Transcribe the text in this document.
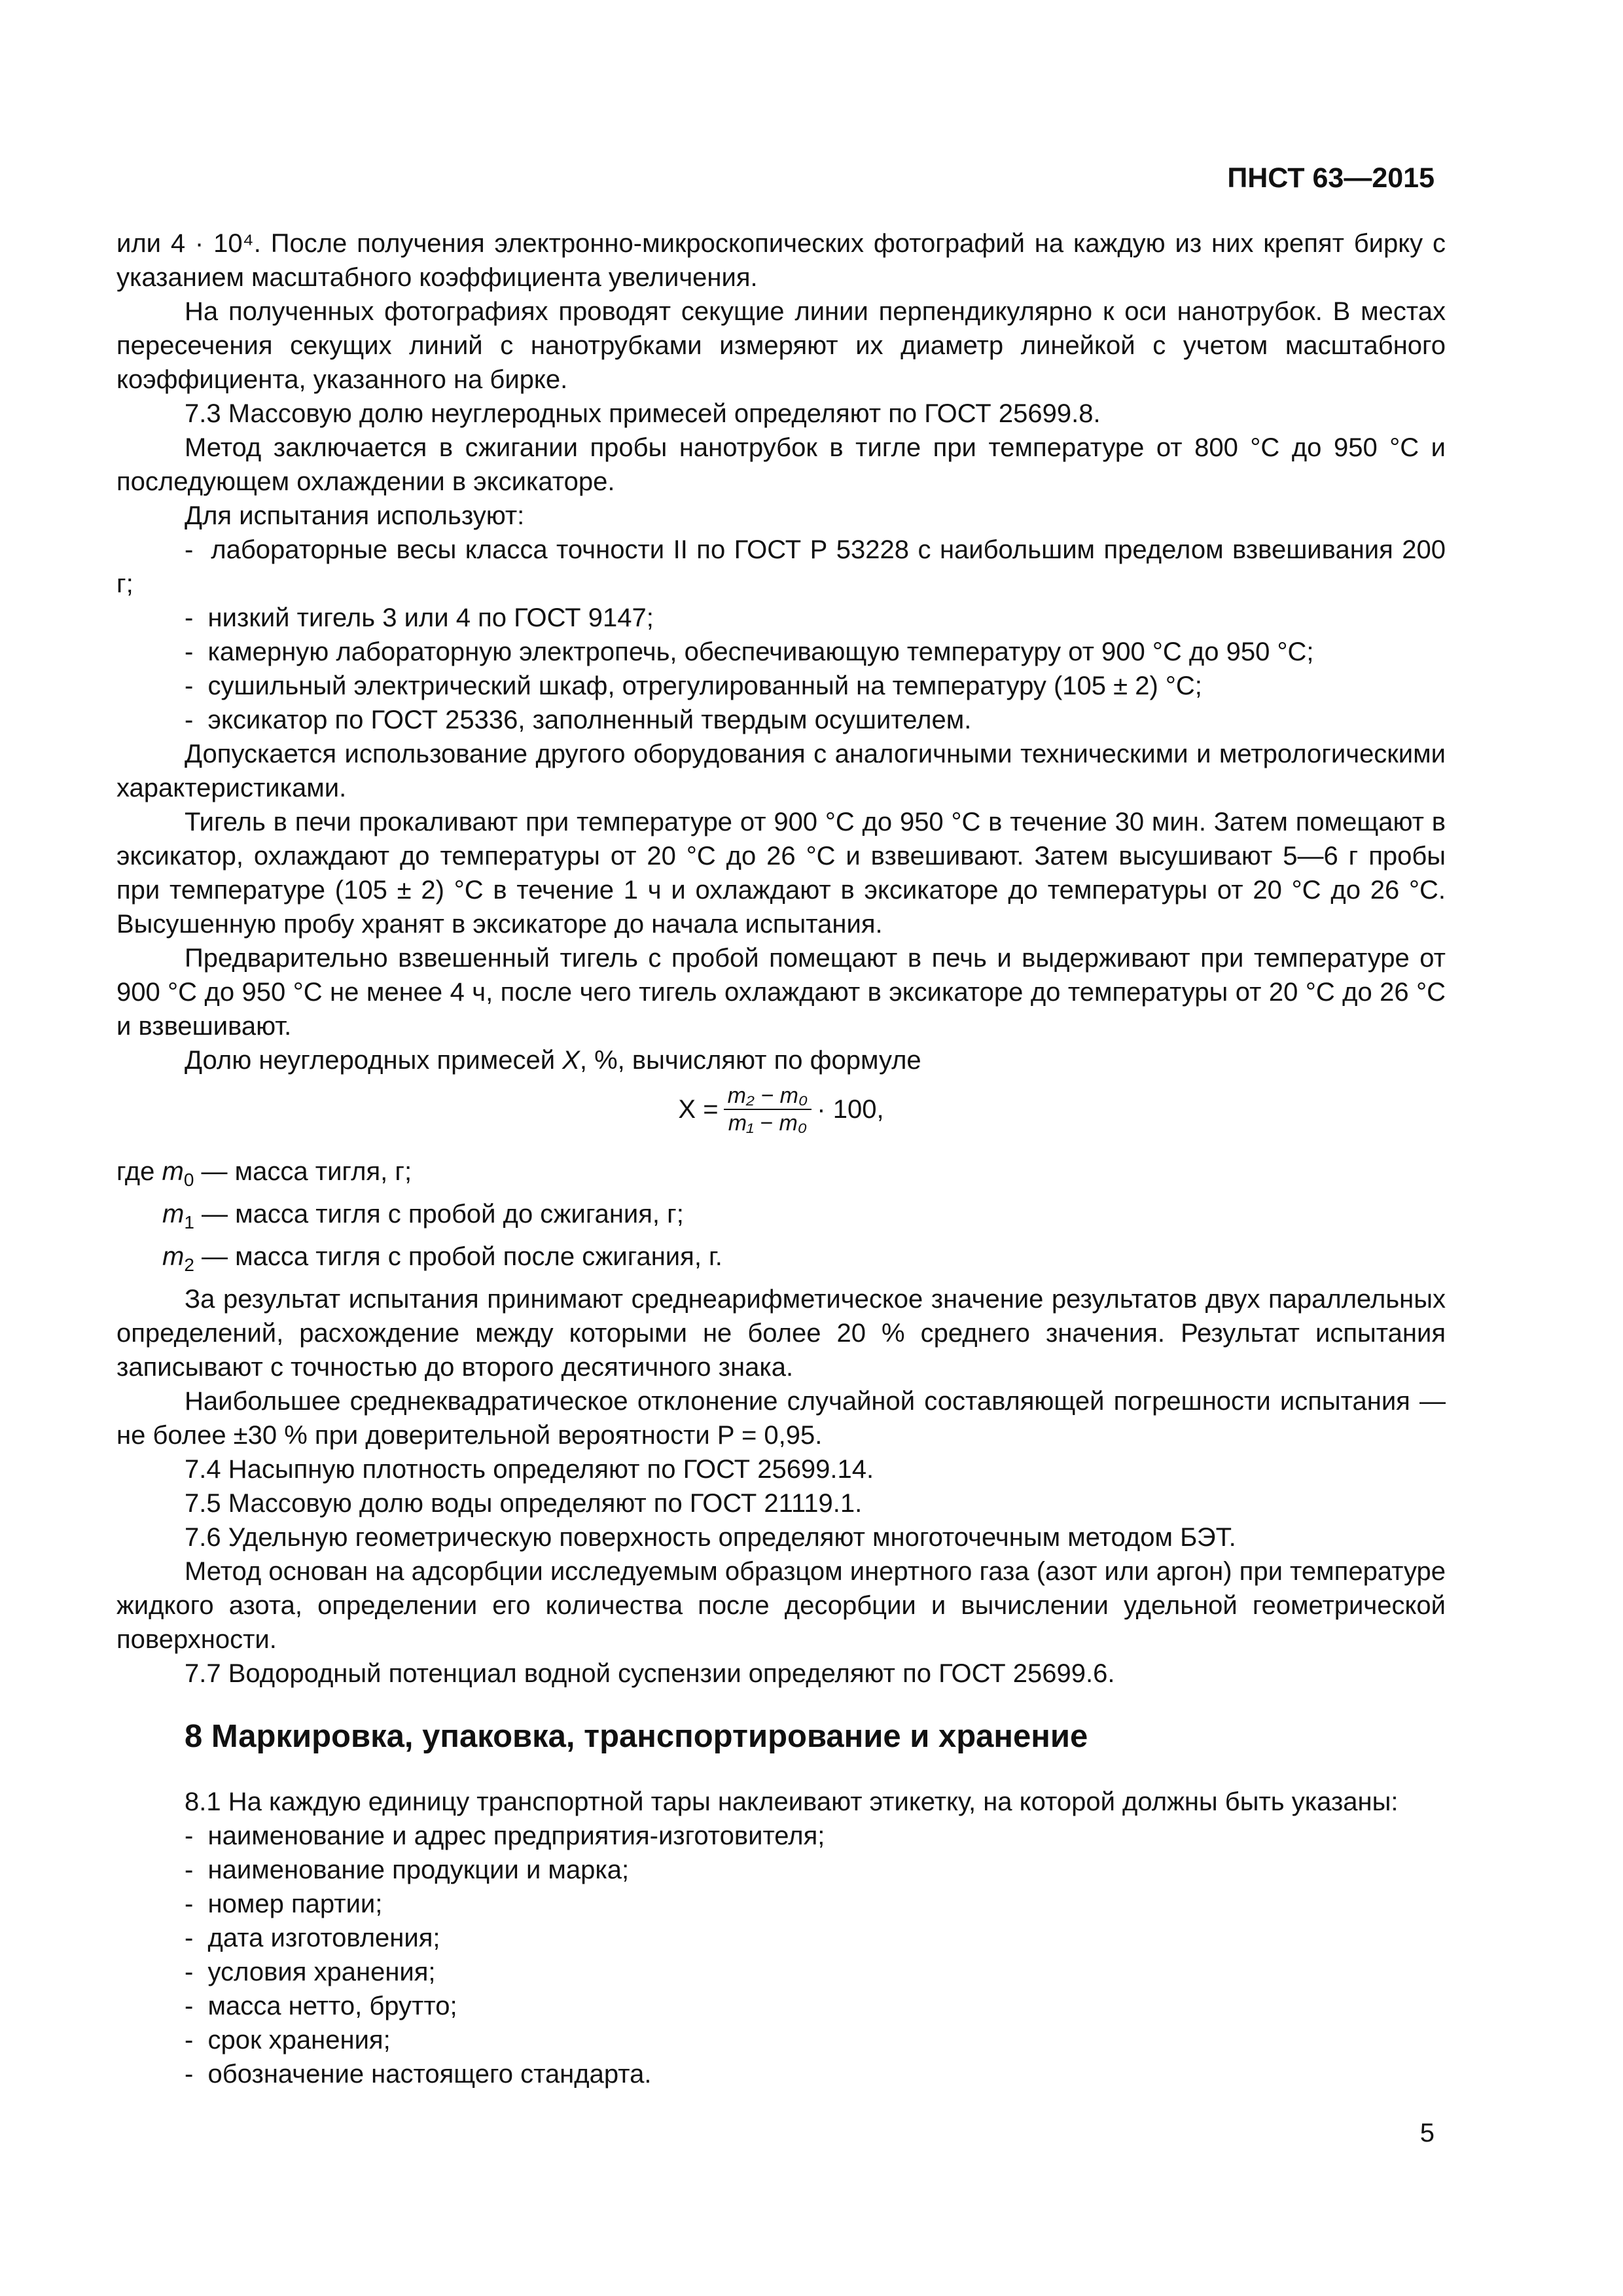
ПНСТ 63—2015

или 4 · 10⁴. После получения электронно-микроскопических фотографий на каждую из них крепят бирку с указанием масштабного коэффициента увеличения.

На полученных фотографиях проводят секущие линии перпендикулярно к оси нанотрубок. В местах пересечения секущих линий с нанотрубками измеряют их диаметр линейкой с учетом масштабного коэффициента, указанного на бирке.

7.3 Массовую долю неуглеродных примесей определяют по ГОСТ 25699.8.

Метод заключается в сжигании пробы нанотрубок в тигле при температуре от 800 °С до 950 °С и последующем охлаждении в эксикаторе.

Для испытания используют:

-  лабораторные весы класса точности II по ГОСТ Р 53228 с наибольшим пределом взвешивания 200 г;
-  низкий тигель 3 или 4 по ГОСТ 9147;
-  камерную лабораторную электропечь, обеспечивающую температуру от 900 °С до 950 °С;
-  сушильный электрический шкаф, отрегулированный на температуру (105 ± 2) °С;
-  эксикатор по ГОСТ 25336, заполненный твердым осушителем.

Допускается использование другого оборудования с аналогичными техническими и метрологическими характеристиками.

Тигель в печи прокаливают при температуре от 900 °С до 950 °С в течение 30 мин. Затем помещают в эксикатор, охлаждают до температуры от 20 °С до 26 °С и взвешивают. Затем высушивают 5—6 г пробы при температуре (105 ± 2) °С в течение 1 ч и охлаждают в эксикаторе до температуры от 20 °С до 26 °С. Высушенную пробу хранят в эксикаторе до начала испытания.

Предварительно взвешенный тигель с пробой помещают в печь и выдерживают при температуре от 900 °С до 950 °С не менее 4 ч, после чего тигель охлаждают в эксикаторе до температуры от 20 °С до 26 °С и взвешивают.

Долю неуглеродных примесей X, %, вычисляют по формуле

$X = \frac{\text{m₂ − m₀}}{\text{m₁ − m₀}} \cdot 100$,
где $m_0$ — масса тигля, г;
$m_1$ — масса тигля с пробой до сжигания, г;
$m_2$ — масса тигля с пробой после сжигания, г.

За результат испытания принимают среднеарифметическое значение результатов двух параллельных определений, расхождение между которыми не более 20 % среднего значения. Результат испытания записывают с точностью до второго десятичного знака.

Наибольшее среднеквадратическое отклонение случайной составляющей погрешности испытания — не более ±30 % при доверительной вероятности P = 0,95.

7.4 Насыпную плотность определяют по ГОСТ 25699.14.

7.5 Массовую долю воды определяют по ГОСТ 21119.1.

7.6 Удельную геометрическую поверхность определяют многоточечным методом БЭТ.

Метод основан на адсорбции исследуемым образцом инертного газа (азот или аргон) при температуре жидкого азота, определении его количества после десорбции и вычислении удельной геометрической поверхности.

7.7 Водородный потенциал водной суспензии определяют по ГОСТ 25699.6.

8 Маркировка, упаковка, транспортирование и хранение

8.1 На каждую единицу транспортной тары наклеивают этикетку, на которой должны быть указаны:

-  наименование и адрес предприятия-изготовителя;
-  наименование продукции и марка;
-  номер партии;
-  дата изготовления;
-  условия хранения;
-  масса нетто, брутто;
-  срок хранения;
-  обозначение настоящего стандарта.
5
